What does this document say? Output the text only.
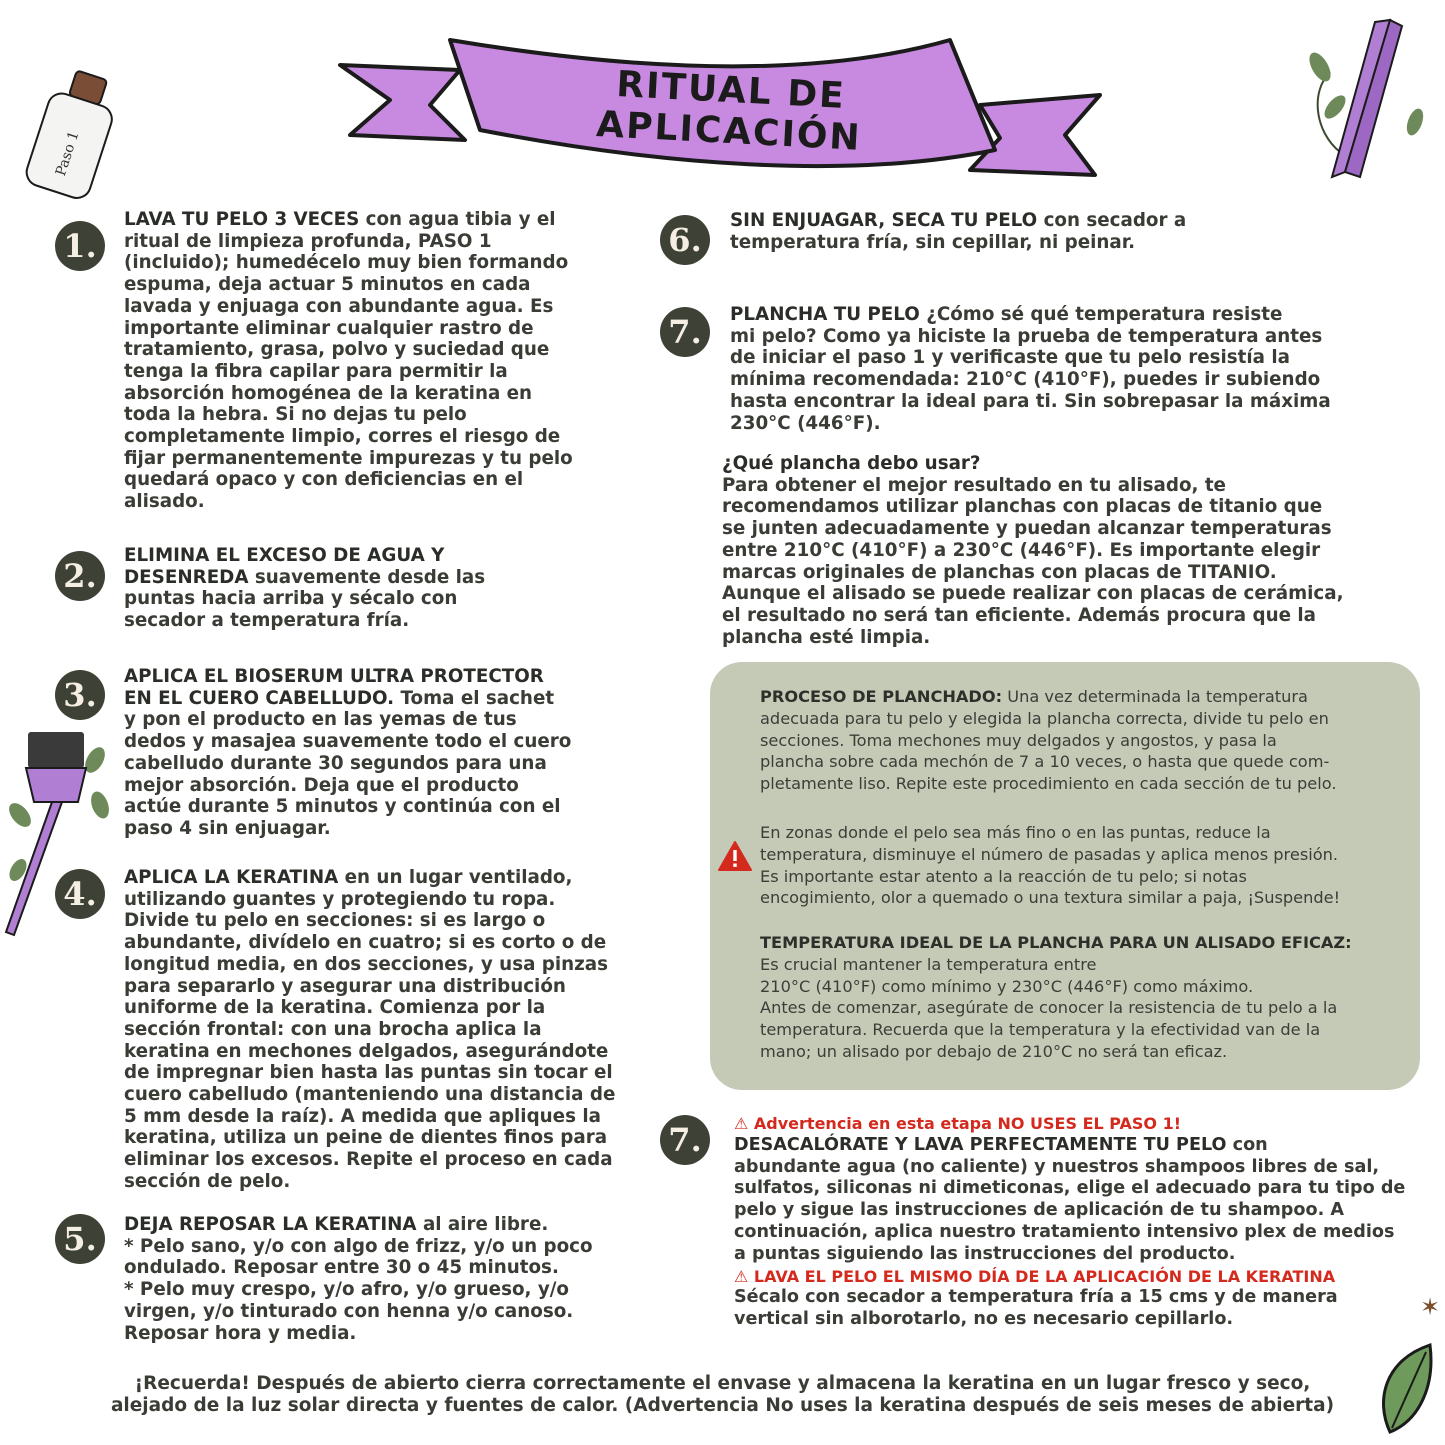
RITUAL DE APLICACIÓN
Paso 1
✶
1.
LAVA TU PELO 3 VECES con agua tibia y el
ritual de limpieza profunda, PASO 1
(incluido); humedécelo muy bien formando
espuma, deja actuar 5 minutos en cada
lavada y enjuaga con abundante agua. Es
importante eliminar cualquier rastro de
tratamiento, grasa, polvo y suciedad que
tenga la fibra capilar para permitir la
absorción homogénea de la keratina en
toda la hebra. Si no dejas tu pelo
completamente limpio, corres el riesgo de
fijar permanentemente impurezas y tu pelo
quedará opaco y con deficiencias en el
alisado.
2.
ELIMINA EL EXCESO DE AGUA Y
DESENREDA suavemente desde las
puntas hacia arriba y sécalo con
secador a temperatura fría.
3.	APLICA EL BIOSERUM ULTRA PROTECTOR
EN EL CUERO CABELLUDO. Toma el sachet
y pon el producto en las yemas de tus
dedos y masajea suavemente todo el cuero
cabelludo durante 30 segundos para una
mejor absorción. Deja que el producto
actúe durante 5 minutos y continúa con el
paso 4 sin enjuagar.
4.	APLICA LA KERATINA en un lugar ventilado,
utilizando guantes y protegiendo tu ropa.
Divide tu pelo en secciones: si es largo o
abundante, divídelo en cuatro; si es corto o de
longitud media, en dos secciones, y usa pinzas
para separarlo y asegurar una distribución
uniforme de la keratina. Comienza por la
sección frontal: con una brocha aplica la
keratina en mechones delgados, asegurándote
de impregnar bien hasta las puntas sin tocar el
cuero cabelludo (manteniendo una distancia de
5 mm desde la raíz). A medida que apliques la
keratina, utiliza un peine de dientes finos para
eliminar los excesos. Repite el proceso en cada
sección de pelo.
5.	DEJA REPOSAR LA KERATINA al aire libre.
* Pelo sano, y/o con algo de frizz, y/o un poco
ondulado. Reposar entre 30 o 45 minutos.
* Pelo muy crespo, y/o afro, y/o grueso, y/o
virgen, y/o tinturado con henna y/o canoso.
Reposar hora y media.
6.
SIN ENJUAGAR, SECA TU PELO con secador a
temperatura fría, sin cepillar, ni peinar.
7.	PLANCHA TU PELO ¿Cómo sé qué temperatura resiste
mi pelo? Como ya hiciste la prueba de temperatura antes
de iniciar el paso 1 y verificaste que tu pelo resistía la
mínima recomendada: 210°C (410°F), puedes ir subiendo
hasta encontrar la ideal para ti. Sin sobrepasar la máxima
230°C (446°F).
¿Qué plancha debo usar?
Para obtener el mejor resultado en tu alisado, te
recomendamos utilizar planchas con placas de titanio que
se junten adecuadamente y puedan alcanzar temperaturas
entre 210°C (410°F) a 230°C (446°F). Es importante elegir
marcas originales de planchas con placas de TITANIO.
Aunque el alisado se puede realizar con placas de cerámica,
el resultado no será tan eficiente. Además procura que la
plancha esté limpia.
PROCESO DE PLANCHADO: Una vez determinada la temperatura
adecuada para tu pelo y elegida la plancha correcta, divide tu pelo en
secciones. Toma mechones muy delgados y angostos, y pasa la
plancha sobre cada mechón de 7 a 10 veces, o hasta que quede com-
pletamente liso. Repite este procedimiento en cada sección de tu pelo.
En zonas donde el pelo sea más fino o en las puntas, reduce la
temperatura, disminuye el número de pasadas y aplica menos presión.
Es importante estar atento a la reacción de tu pelo; si notas
encogimiento, olor a quemado o una textura similar a paja, ¡Suspende!
TEMPERATURA IDEAL DE LA PLANCHA PARA UN ALISADO EFICAZ:
Es crucial mantener la temperatura entre
210°C (410°F) como mínimo y 230°C (446°F) como máximo.
Antes de comenzar, asegúrate de conocer la resistencia de tu pelo a la
temperatura. Recuerda que la temperatura y la efectividad van de la
mano; un alisado por debajo de 210°C no será tan eficaz.
7.	⚠ Advertencia en esta etapa NO USES EL PASO 1!
DESACALÓRATE Y LAVA PERFECTAMENTE TU PELO con
abundante agua (no caliente) y nuestros shampoos libres de sal,
sulfatos, siliconas ni dimeticonas, elige el adecuado para tu tipo de
pelo y sigue las instrucciones de aplicación de tu shampoo. A
continuación, aplica nuestro tratamiento intensivo plex de medios
a puntas siguiendo las instrucciones del producto.
⚠ LAVA EL PELO EL MISMO DÍA DE LA APLICACIÓN DE LA KERATINA
Sécalo con secador a temperatura fría a 15 cms y de manera
vertical sin alborotarlo, no es necesario cepillarlo.
¡Recuerda! Después de abierto cierra correctamente el envase y almacena la keratina en un lugar fresco y seco,
alejado de la luz solar directa y fuentes de calor. (Advertencia No uses la keratina después de seis meses de abierta)
